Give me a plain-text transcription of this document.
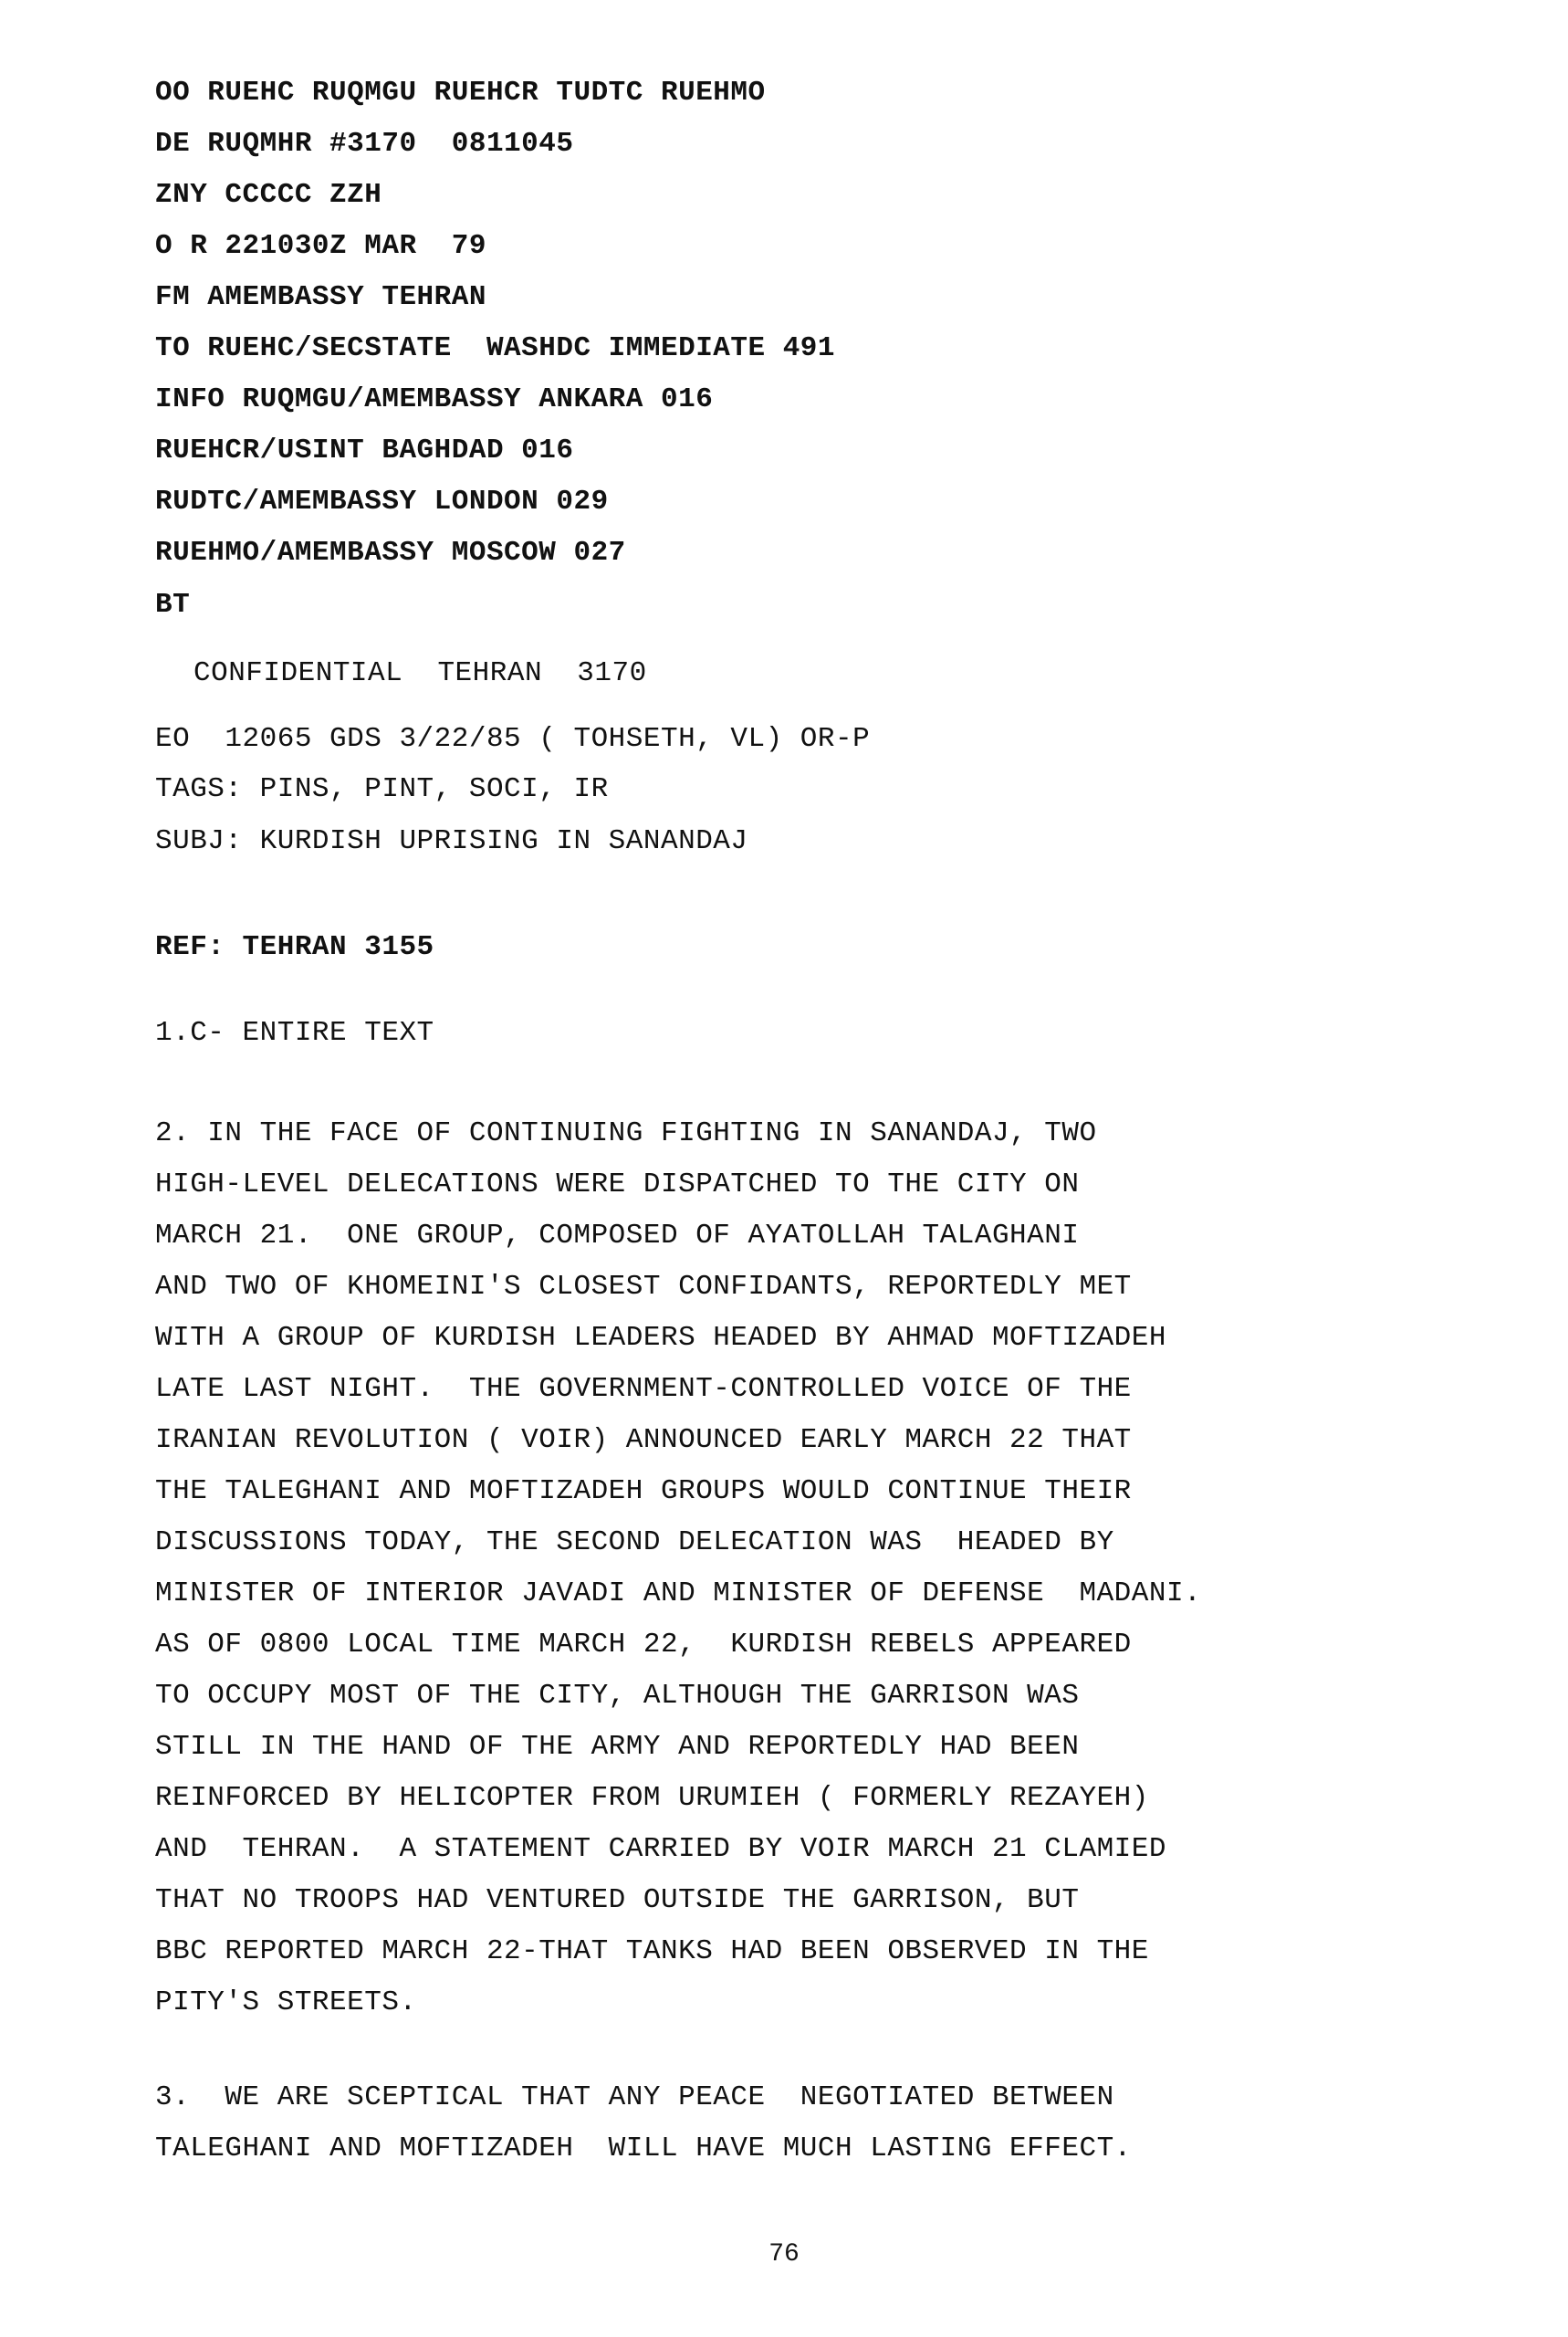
OO RUEHC RUQMGU RUEHCR TUDTC RUEHMO
DE RUQMHR #3170  0811045
ZNY CCCCC ZZH
O R 221030Z MAR  79
FM AMEMBASSY TEHRAN
TO RUEHC/SECSTATE  WASHDC IMMEDIATE 491
INFO RUQMGU/AMEMBASSY ANKARA 016
RUEHCR/USINT BAGHDAD 016
RUDTC/AMEMBASSY LONDON 029
RUEHMO/AMEMBASSY MOSCOW 027
BT
CONFIDENTIAL  TEHRAN  3170
EO  12065 GDS 3/22/85 ( TOHSETH, VL) OR-P
TAGS: PINS, PINT, SOCI, IR
SUBJ: KURDISH UPRISING IN SANANDAJ
REF: TEHRAN 3155
1.C- ENTIRE TEXT
2. IN THE FACE OF CONTINUING FIGHTING IN SANANDAJ, TWO
HIGH-LEVEL DELECATIONS WERE DISPATCHED TO THE CITY ON
MARCH 21.  ONE GROUP, COMPOSED OF AYATOLLAH TALAGHANI
AND TWO OF KHOMEINI'S CLOSEST CONFIDANTS, REPORTEDLY MET
WITH A GROUP OF KURDISH LEADERS HEADED BY AHMAD MOFTIZADEH
LATE LAST NIGHT.  THE GOVERNMENT-CONTROLLED VOICE OF THE
IRANIAN REVOLUTION ( VOIR) ANNOUNCED EARLY MARCH 22 THAT
THE TALEGHANI AND MOFTIZADEH GROUPS WOULD CONTINUE THEIR
DISCUSSIONS TODAY, THE SECOND DELECATION WAS  HEADED BY
MINISTER OF INTERIOR JAVADI AND MINISTER OF DEFENSE  MADANI.
AS OF 0800 LOCAL TIME MARCH 22,  KURDISH REBELS APPEARED
TO OCCUPY MOST OF THE CITY, ALTHOUGH THE GARRISON WAS
STILL IN THE HAND OF THE ARMY AND REPORTEDLY HAD BEEN
REINFORCED BY HELICOPTER FROM URUMIEH ( FORMERLY REZAYEH)
AND  TEHRAN.  A STATEMENT CARRIED BY VOIR MARCH 21 CLAMIED
THAT NO TROOPS HAD VENTURED OUTSIDE THE GARRISON, BUT
BBC REPORTED MARCH 22-THAT TANKS HAD BEEN OBSERVED IN THE
PITY'S STREETS.
3.  WE ARE SCEPTICAL THAT ANY PEACE  NEGOTIATED BETWEEN
TALEGHANI AND MOFTIZADEH  WILL HAVE MUCH LASTING EFFECT.
76
